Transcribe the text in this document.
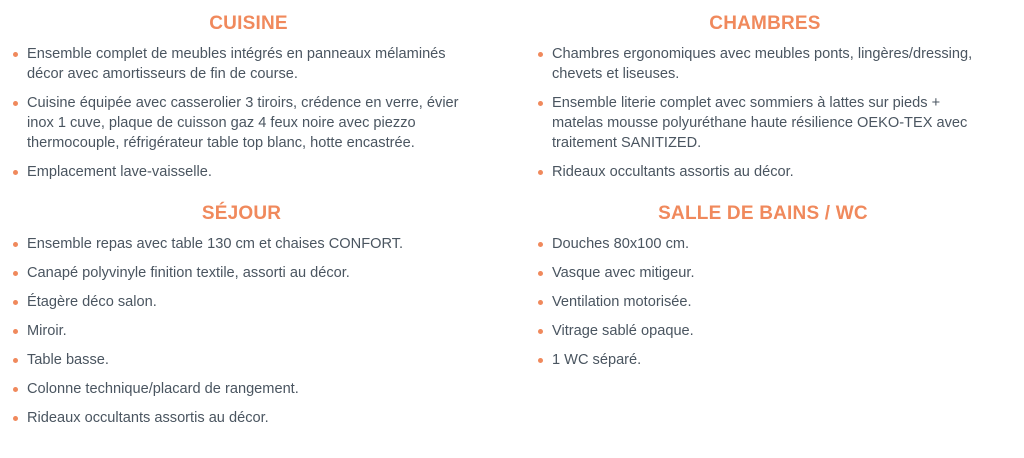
CUISINE
Ensemble complet de meubles intégrés en panneaux mélaminés décor avec amortisseurs de fin de course.
Cuisine équipée avec casserolier 3 tiroirs, crédence en verre, évier inox 1 cuve, plaque de cuisson gaz 4 feux noire avec piezzo thermocouple, réfrigérateur table top blanc, hotte encastrée.
Emplacement lave-vaisselle.
SÉJOUR
Ensemble repas avec table 130 cm et chaises CONFORT.
Canapé polyvinyle finition textile, assorti au décor.
Étagère déco salon.
Miroir.
Table basse.
Colonne technique/placard de rangement.
Rideaux occultants assortis au décor.
CHAMBRES
Chambres ergonomiques avec meubles ponts, lingères/dressing, chevets et liseuses.
Ensemble literie complet avec sommiers à lattes sur pieds + matelas mousse polyuréthane haute résilience OEKO-TEX avec traitement SANITIZED.
Rideaux occultants assortis au décor.
SALLE DE BAINS / WC
Douches 80x100 cm.
Vasque avec mitigeur.
Ventilation motorisée.
Vitrage sablé opaque.
1 WC séparé.
